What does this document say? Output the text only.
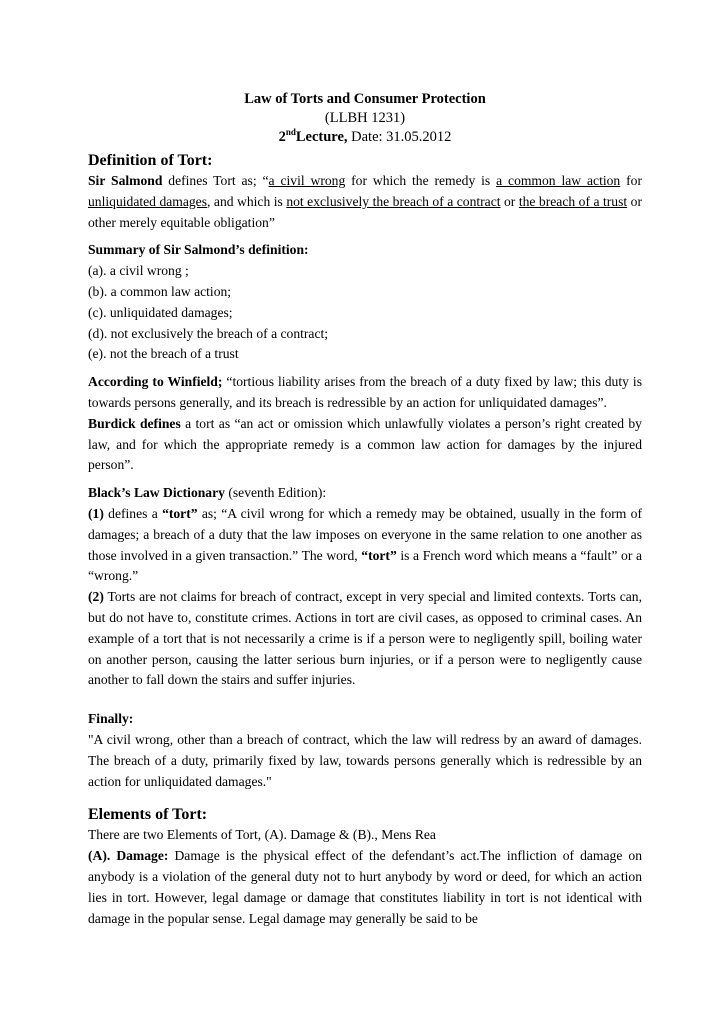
Law of Torts and Consumer Protection
(LLBH 1231)
2ndLecture, Date: 31.05.2012
Definition of Tort:

Sir Salmond defines Tort as; “a civil wrong for which the remedy is a common law action for unliquidated damages, and which is not exclusively the breach of a contract or the breach of a trust or other merely equitable obligation”

Summary of Sir Salmond’s definition:

(a). a civil wrong ;
(b). a common law action;
(c). unliquidated damages;
(d). not exclusively the breach of a contract;
(e). not the breach of a trust

According to Winfield; “tortious liability arises from the breach of a duty fixed by law; this duty is towards persons generally, and its breach is redressible by an action for unliquidated damages”.

Burdick defines a tort as “an act or omission which unlawfully violates a person’s right created by law, and for which the appropriate remedy is a common law action for damages by the injured person”.

Black’s Law Dictionary (seventh Edition):

(1) defines a “tort” as; “A civil wrong for which a remedy may be obtained, usually in the form of damages; a breach of a duty that the law imposes on everyone in the same relation to one another as those involved in a given transaction.” The word, “tort” is a French word which means a “fault” or a “wrong.”

(2) Torts are not claims for breach of contract, except in very special and limited contexts. Torts can, but do not have to, constitute crimes. Actions in tort are civil cases, as opposed to criminal cases. An example of a tort that is not necessarily a crime is if a person were to negligently spill, boiling water on another person, causing the latter serious burn injuries, or if a person were to negligently cause another to fall down the stairs and suffer injuries.

Finally:

"A civil wrong, other than a breach of contract, which the law will redress by an award of damages. The breach of a duty, primarily fixed by law, towards persons generally which is redressible by an action for unliquidated damages."

Elements of Tort:

There are two Elements of Tort, (A). Damage & (B)., Mens Rea

(A). Damage: Damage is the physical effect of the defendant’s act.The infliction of damage on anybody is a violation of the general duty not to hurt anybody by word or deed, for which an action lies in tort. However, legal damage or damage that constitutes liability in tort is not identical with damage in the popular sense. Legal damage may generally be said to be
